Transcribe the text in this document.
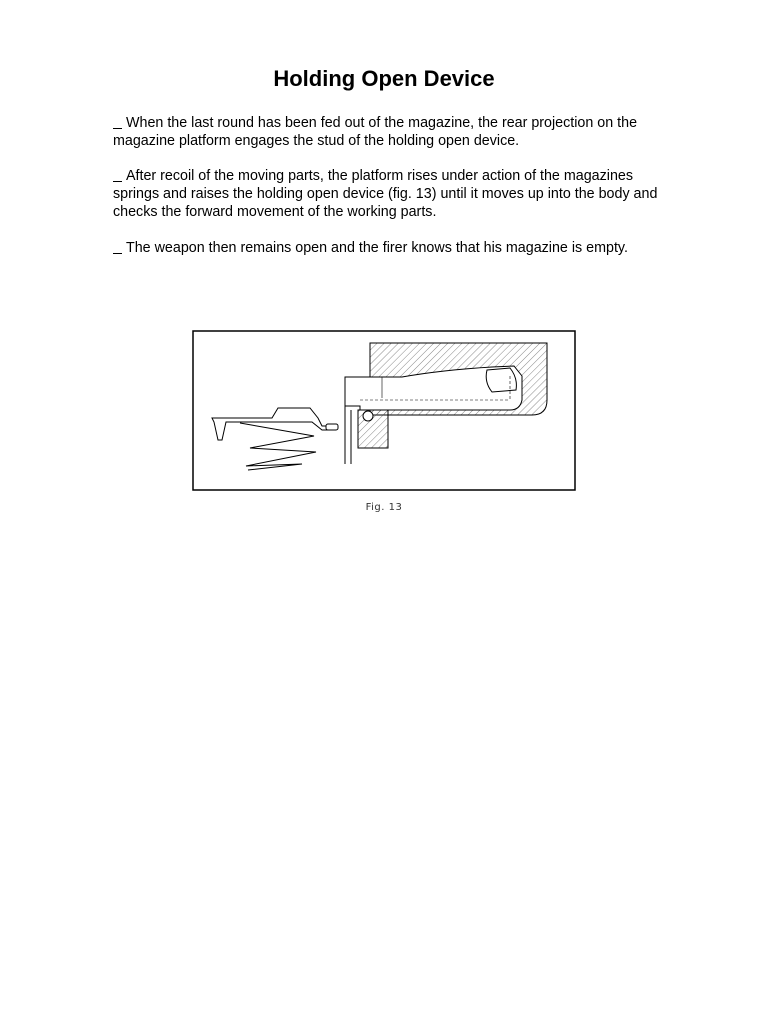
Holding Open Device

When the last round has been fed out of the magazine, the rear projection on the magazine platform engages the stud of the holding open device.

After recoil of the moving parts, the platform rises under action of the magazines springs and raises the holding open device (fig. 13) until it moves up into the body and checks the forward movement of the working parts.

The weapon then remains open and the firer knows that his magazine is empty.

Fig. 13
